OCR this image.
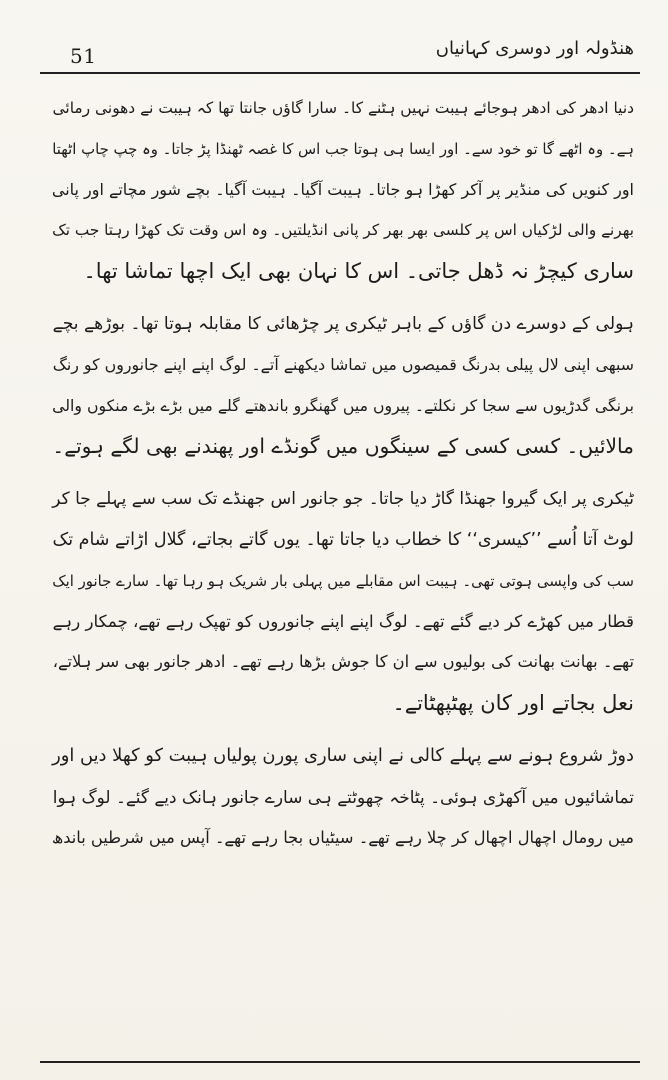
51	ھنڈولہ اور دوسری کہانیاں

دنیا ادھر کی ادھر ہوجائے ہیبت نہیں ہٹنے کا۔ سارا گاؤں جانتا تھا کہ ہیبت نے دھونی رمائی
ہے۔ وہ اٹھے گا تو خود سے۔ اور ایسا ہی ہوتا جب اس کا غصہ ٹھنڈا پڑ جاتا۔ وہ چپ چاپ اٹھتا
اور کنویں کی منڈیر پر آکر کھڑا ہو جاتا۔ ہیبت آگیا۔ ہیبت آگیا۔ بچے شور مچاتے اور پانی
بھرنے والی لڑکیاں اس پر کلسی بھر بھر کر پانی انڈیلتیں۔ وہ اس وقت تک کھڑا رہتا جب تک
ساری کیچڑ نہ ڈھل جاتی۔ اس کا نہان بھی ایک اچھا تماشا تھا۔

ہولی کے دوسرے دن گاؤں کے باہر ٹیکری پر چڑھائی کا مقابلہ ہوتا تھا۔ بوڑھے بچے
سبھی اپنی لال پیلی بدرنگ قمیصوں میں تماشا دیکھنے آتے۔ لوگ اپنے اپنے جانوروں کو رنگ
برنگی گدڑیوں سے سجا کر نکلتے۔ پیروں میں گھنگرو باندھتے گلے میں بڑے بڑے منکوں والی
مالائیں۔ کسی کسی کے سینگوں میں گونڈے اور پھندنے بھی لگے ہوتے۔

ٹیکری پر ایک گیروا جھنڈا گاڑ دیا جاتا۔ جو جانور اس جھنڈے تک سب سے پہلے جا کر
لوٹ آتا اُسے ’’کیسری‘‘ کا خطاب دیا جاتا تھا۔ یوں گاتے بجاتے، گلال اڑاتے شام تک
سب کی واپسی ہوتی تھی۔ ہیبت اس مقابلے میں پہلی بار شریک ہو رہا تھا۔ سارے جانور ایک
قطار میں کھڑے کر دیے گئے تھے۔ لوگ اپنے اپنے جانوروں کو تھپک رہے تھے، چمکار رہے
تھے۔ بھانت بھانت کی بولیوں سے ان کا جوش بڑھا رہے تھے۔ ادھر جانور بھی سر ہلاتے،
نعل بجاتے اور کان پھٹپھٹاتے۔

دوڑ شروع ہونے سے پہلے کالی نے اپنی ساری پورن پولیاں ہیبت کو کھلا دیں اور
تماشائیوں میں آکھڑی ہوئی۔ پٹاخہ چھوٹتے ہی سارے جانور ہانک دیے گئے۔ لوگ ہوا
میں رومال اچھال اچھال کر چلا رہے تھے۔ سیٹیاں بجا رہے تھے۔ آپس میں شرطیں باندھ
